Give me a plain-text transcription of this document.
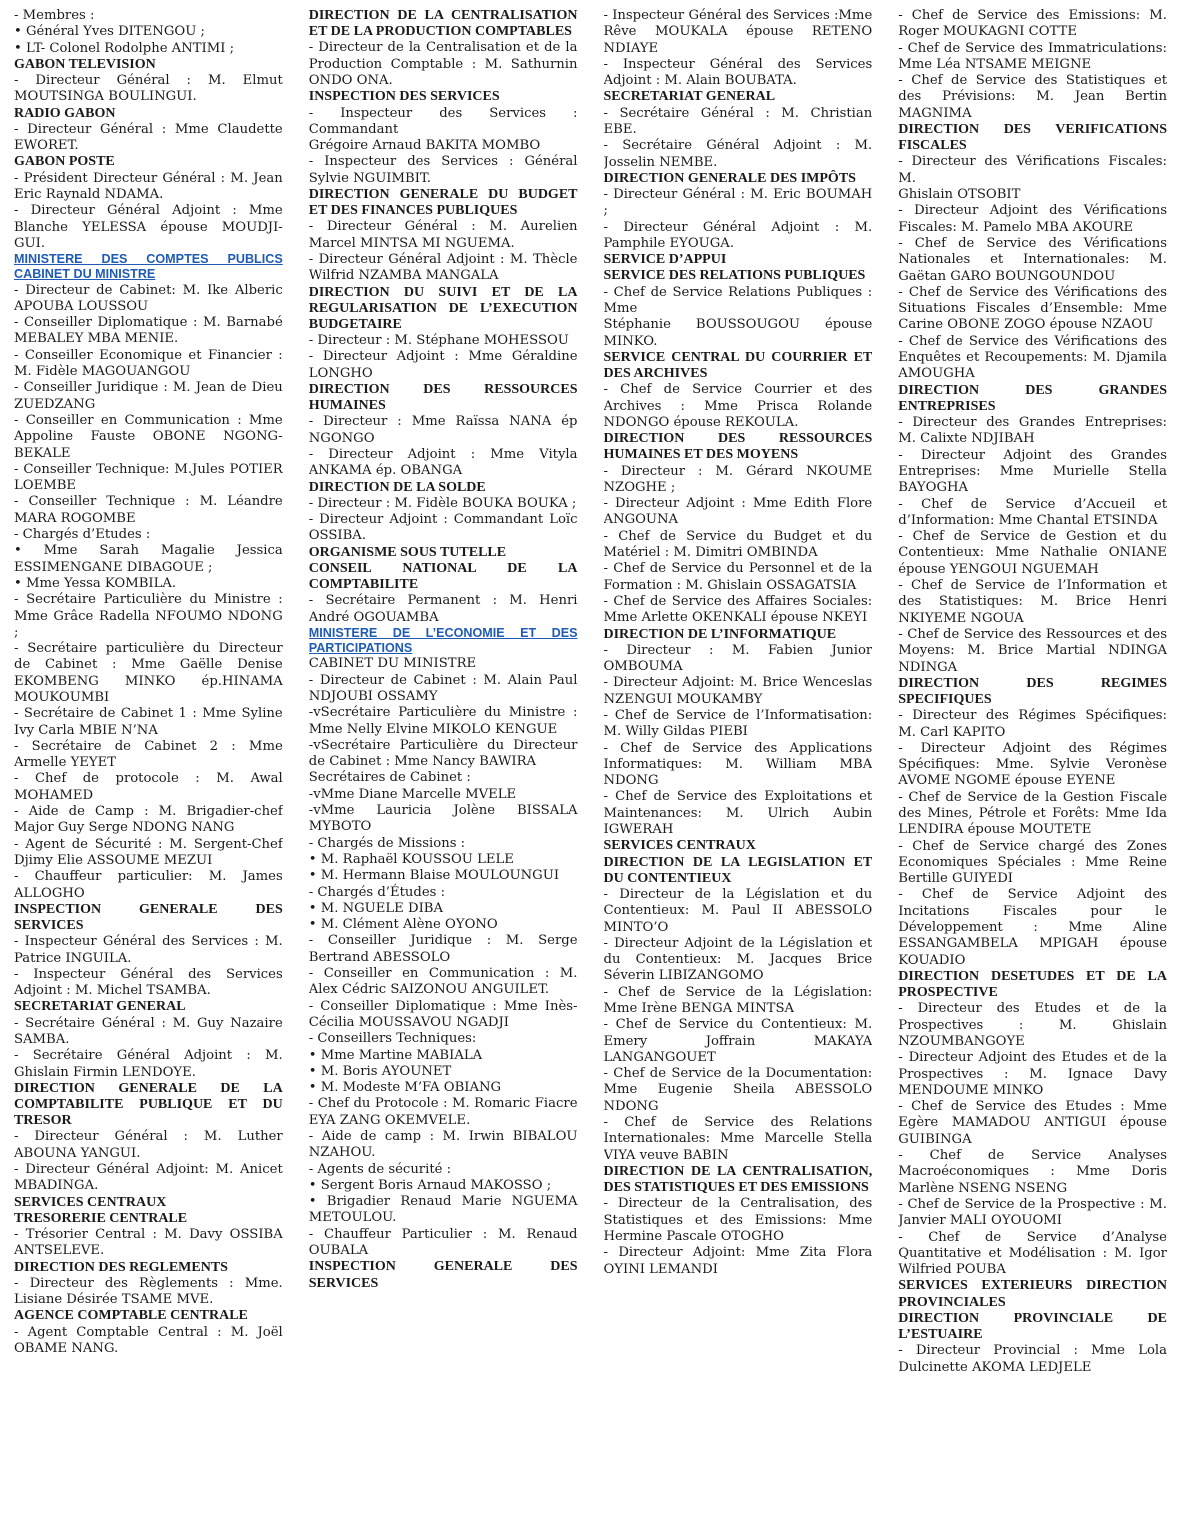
- Membres :

• Général Yves DITENGOU ;

• LT- Colonel Rodolphe ANTIMI ;

GABON TELEVISION

- Directeur Général : M. Elmut MOUTSINGA BOULINGUI.

RADIO GABON

- Directeur Général : Mme Claudette EWORET.

GABON POSTE

- Président Directeur Général : M. Jean Eric Raynald NDAMA.

- Directeur Général Adjoint : Mme Blanche YELESSA épouse MOUDJI-GUI.

MINISTERE DES COMPTES PUBLICS CABINET DU MINISTRE

- Directeur de Cabinet: M. Ike Alberic APOUBA LOUSSOU

- Conseiller Diplomatique : M. Barnabé MEBALEY MBA MENIE.

- Conseiller Economique et Financier : M. Fidèle MAGOUANGOU

- Conseiller Juridique : M. Jean de Dieu ZUEDZANG

- Conseiller en Communication : Mme Appoline Fauste OBONE NGONG-BEKALE

- Conseiller Technique: M.Jules POTIER LOEMBE

- Conseiller Technique : M. Léandre MARA ROGOMBE

- Chargés d’Etudes :

• Mme Sarah Magalie Jessica ESSIMENGANE DIBAGOUE ;

• Mme Yessa KOMBILA.

- Secrétaire Particulière du Ministre : Mme Grâce Radella NFOUMO NDONG ;

- Secrétaire particulière du Directeur de Cabinet : Mme Gaëlle Denise EKOMBENG MINKO ép.HINAMA MOUKOUMBI

- Secrétaire de Cabinet 1 : Mme Syline Ivy Carla MBIE N’NA

- Secrétaire de Cabinet 2 : Mme Armelle YEYET

- Chef de protocole : M. Awal MOHAMED

- Aide de Camp : M. Brigadier-chef Major Guy Serge NDONG NANG

- Agent de Sécurité : M. Sergent-Chef Djimy Elie ASSOUME MEZUI

- Chauffeur particulier: M. James ALLOGHO

INSPECTION GENERALE DES SERVICES

- Inspecteur Général des Services : M. Patrice INGUILA.

- Inspecteur Général des Services Adjoint : M. Michel TSAMBA.

SECRETARIAT GENERAL

- Secrétaire Général : M. Guy Nazaire SAMBA.

- Secrétaire Général Adjoint : M. Ghislain Firmin LENDOYE.

DIRECTION GENERALE DE LA COMPTABILITE PUBLIQUE ET DU TRESOR

- Directeur Général : M. Luther ABOUNA YANGUI.

- Directeur Général Adjoint: M. Anicet MBADINGA.

SERVICES CENTRAUX

TRESORERIE CENTRALE

- Trésorier Central : M. Davy OSSIBA ANTSELEVE.

DIRECTION DES REGLEMENTS

- Directeur des Règlements : Mme. Lisiane Désirée TSAME MVE.

AGENCE COMPTABLE CENTRALE

- Agent Comptable Central : M. Joël OBAME NANG.

DIRECTION DE LA CENTRALISATION ET DE LA PRODUCTION COMPTABLES

- Directeur de la Centralisation et de la Production Comptable : M. Sathurnin ONDO ONA.

INSPECTION DES SERVICES

- Inspecteur des Services : Commandant

Grégoire Arnaud BAKITA MOMBO

- Inspecteur des Services : Général Sylvie NGUIMBIT.

DIRECTION GENERALE DU BUDGET ET DES FINANCES PUBLIQUES

- Directeur Général : M. Aurelien Marcel MINTSA MI NGUEMA.

- Directeur Général Adjoint : M. Thècle Wilfrid NZAMBA MANGALA

DIRECTION DU SUIVI ET DE LA REGULARISATION DE L’EXECUTION BUDGETAIRE

- Directeur : M. Stéphane MOHESSOU

- Directeur Adjoint : Mme Géraldine LONGHO

DIRECTION DES RESSOURCES HUMAINES

- Directeur : Mme Raïssa NANA ép NGONGO

- Directeur Adjoint : Mme Vityla ANKAMA ép. OBANGA

DIRECTION DE LA SOLDE

- Directeur : M. Fidèle BOUKA BOUKA ;

- Directeur Adjoint : Commandant Loïc OSSIBA.

ORGANISME SOUS TUTELLE

CONSEIL NATIONAL DE LA COMPTABILITE

- Secrétaire Permanent : M. Henri André OGOUAMBA

MINISTERE DE L’ECONOMIE ET DES PARTICIPATIONS

CABINET DU MINISTRE

- Directeur de Cabinet : M. Alain Paul NDJOUBI OSSAMY

-vSecrétaire Particulière du Ministre : Mme Nelly Elvine MIKOLO KENGUE

-vSecrétaire Particulière du Directeur de Cabinet : Mme Nancy BAWIRA

Secrétaires de Cabinet :

-vMme Diane Marcelle MVELE

-vMme Lauricia Jolène BISSALA MYBOTO

- Chargés de Missions :

• M. Raphaël KOUSSOU LELE

• M. Hermann Blaise MOULOUNGUI

- Chargés d’Études :

• M. NGUELE DIBA

• M. Clément Alène OYONO

- Conseiller Juridique : M. Serge Bertrand ABESSOLO

- Conseiller en Communication : M. Alex Cédric SAIZONOU ANGUILET.

- Conseiller Diplomatique : Mme Inès-Cécilia MOUSSAVOU NGADJI

- Conseillers Techniques:

• Mme Martine MABIALA

• M. Boris AYOUNET

• M. Modeste M’FA OBIANG

- Chef du Protocole : M. Romaric Fiacre EYA ZANG OKEMVELE.

- Aide de camp : M. Irwin BIBALOU NZAHOU.

- Agents de sécurité :

• Sergent Boris Arnaud MAKOSSO ;

• Brigadier Renaud Marie NGUEMA METOULOU.

- Chauffeur Particulier : M. Renaud OUBALA

INSPECTION GENERALE DES SERVICES

- Inspecteur Général des Services :Mme Rêve MOUKALA épouse RETENO NDIAYE

- Inspecteur Général des Services Adjoint : M. Alain BOUBATA.

SECRETARIAT GENERAL

- Secrétaire Général : M. Christian EBE.

- Secrétaire Général Adjoint : M. Josselin NEMBE.

DIRECTION GENERALE DES IMPÔTS

- Directeur Général : M. Eric BOUMAH ;

- Directeur Général Adjoint : M. Pamphile EYOUGA.

SERVICE D’APPUI

SERVICE DES RELATIONS PUBLIQUES

- Chef de Service Relations Publiques : Mme

Stéphanie BOUSSOUGOU épouse MINKO.

SERVICE CENTRAL DU COURRIER ET DES ARCHIVES

- Chef de Service Courrier et des Archives : Mme Prisca Rolande NDONGO épouse REKOULA.

DIRECTION DES RESSOURCES HUMAINES ET DES MOYENS

- Directeur : M. Gérard NKOUME NZOGHE ;

- Directeur Adjoint : Mme Edith Flore ANGOUNA

- Chef de Service du Budget et du Matériel : M. Dimitri OMBINDA

- Chef de Service du Personnel et de la Formation : M. Ghislain OSSAGATSIA

- Chef de Service des Affaires Sociales: Mme Arlette OKENKALI épouse NKEYI

DIRECTION DE L’INFORMATIQUE

- Directeur : M. Fabien Junior OMBOUMA

- Directeur Adjoint: M. Brice Wenceslas NZENGUI MOUKAMBY

- Chef de Service de l’Informatisation: M. Willy Gildas PIEBI

- Chef de Service des Applications Informatiques: M. William MBA NDONG

- Chef de Service des Exploitations et Maintenances: M. Ulrich Aubin IGWERAH

SERVICES CENTRAUX

DIRECTION DE LA LEGISLATION ET DU CONTENTIEUX

- Directeur de la Législation et du Contentieux: M. Paul II ABESSOLO MINTO’O

- Directeur Adjoint de la Législation et du Contentieux: M. Jacques Brice Séverin LIBIZANGOMO

- Chef de Service de la Législation: Mme Irène BENGA MINTSA

- Chef de Service du Contentieux: M. Emery Joffrain MAKAYA LANGANGOUET

- Chef de Service de la Documentation: Mme Eugenie Sheila ABESSOLO NDONG

- Chef de Service des Relations Internationales: Mme Marcelle Stella VIYA veuve BABIN

DIRECTION DE LA CENTRALISATION, DES STATISTIQUES ET DES EMISSIONS

- Directeur de la Centralisation, des Statistiques et des Emissions: Mme Hermine Pascale OTOGHO

- Directeur Adjoint: Mme Zita Flora OYINI LEMANDI

- Chef de Service des Emissions: M. Roger MOUKAGNI COTTE

- Chef de Service des Immatriculations: Mme Léa NTSAME MEIGNE

- Chef de Service des Statistiques et des Prévisions: M. Jean Bertin MAGNIMA

DIRECTION DES VERIFICATIONS FISCALES

- Directeur des Vérifications Fiscales: M.

Ghislain OTSOBIT

- Directeur Adjoint des Vérifications Fiscales: M. Pamelo MBA AKOURE

- Chef de Service des Vérifications Nationales et Internationales: M. Gaëtan GARO BOUNGOUNDOU

- Chef de Service des Vérifications des Situations Fiscales d’Ensemble: Mme Carine OBONE ZOGO épouse NZAOU

- Chef de Service des Vérifications des Enquêtes et Recoupements: M. Djamila AMOUGHA

DIRECTION DES GRANDES ENTREPRISES

- Directeur des Grandes Entreprises: M. Calixte NDJIBAH

- Directeur Adjoint des Grandes Entreprises: Mme Murielle Stella BAYOGHA

- Chef de Service d’Accueil et d’Information: Mme Chantal ETSINDA

- Chef de Service de Gestion et du Contentieux: Mme Nathalie ONIANE épouse YENGOUI NGUEMAH

- Chef de Service de l’Information et des Statistiques: M. Brice Henri NKIYEME NGOUA

- Chef de Service des Ressources et des Moyens: M. Brice Martial NDINGA NDINGA

DIRECTION DES REGIMES SPECIFIQUES

- Directeur des Régimes Spécifiques: M. Carl KAPITO

- Directeur Adjoint des Régimes Spécifiques: Mme. Sylvie Veronèse AVOME NGOME épouse EYENE

- Chef de Service de la Gestion Fiscale des Mines, Pétrole et Forêts: Mme Ida LENDIRA épouse MOUTETE

- Chef de Service chargé des Zones Economiques Spéciales : Mme Reine Bertille GUIYEDI

- Chef de Service Adjoint des Incitations Fiscales pour le Développement : Mme Aline ESSANGAMBELA MPIGAH épouse KOUADIO

DIRECTION DESETUDES ET DE LA PROSPECTIVE

- Directeur des Etudes et de la Prospectives : M. Ghislain NZOUMBANGOYE

- Directeur Adjoint des Etudes et de la Prospectives : M. Ignace Davy MENDOUME MINKO

- Chef de Service des Etudes : Mme Egère MAMADOU ANTIGUI épouse GUIBINGA

- Chef de Service Analyses Macroéconomiques : Mme Doris Marlène NSENG NSENG

- Chef de Service de la Prospective : M. Janvier MALI OYOUOMI

- Chef de Service d’Analyse Quantitative et Modélisation : M. Igor Wilfried POUBA

SERVICES EXTERIEURS DIRECTION PROVINCIALES

DIRECTION PROVINCIALE DE L’ESTUAIRE

- Directeur Provincial : Mme Lola Dulcinette AKOMA LEDJELE
